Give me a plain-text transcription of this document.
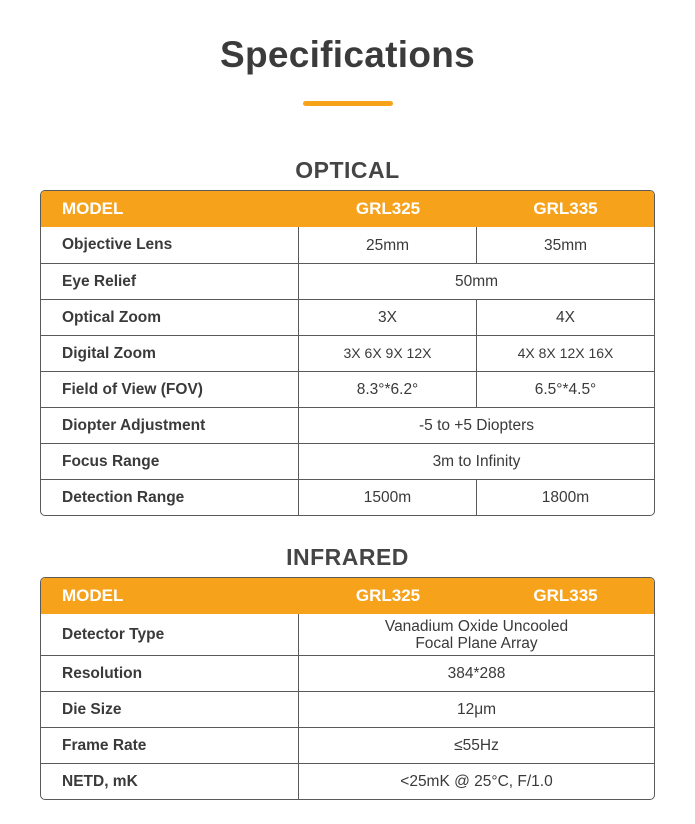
Specifications
OPTICAL
MODEL	GRL325	GRL335
Objective Lens	25mm	35mm
Eye Relief	50mm
Optical Zoom	3X	4X
Digital Zoom	3X 6X 9X 12X	4X 8X 12X 16X
Field of View (FOV)	8.3°*6.2°	6.5°*4.5°
Diopter Adjustment	-5 to +5 Diopters
Focus Range	3m to Infinity
Detection Range	1500m	1800m
INFRARED
MODEL	GRL325	GRL335
Detector Type	Vanadium Oxide Uncooled
Focal Plane Array
Resolution	384*288
Die Size	12μm
Frame Rate	≤55Hz
NETD, mK	<25mK @ 25°C, F/1.0
